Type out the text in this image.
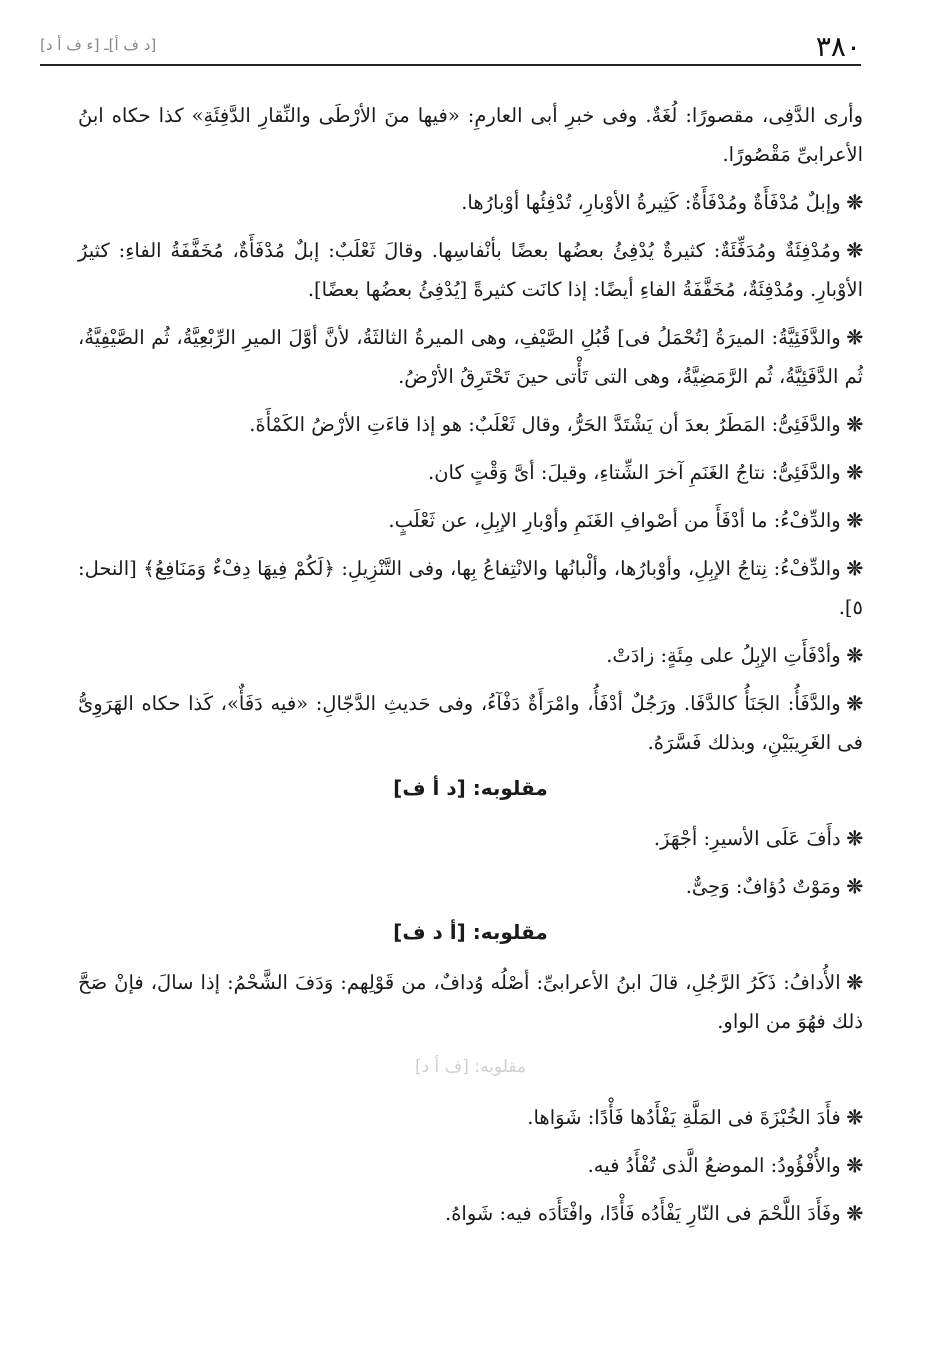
٣٨٠
[د ف أ]ـ [ء ف أ د]

وأرى الدَّفِى، مقصورًا: لُغَةٌ. وفى خبرِ أبى العارمِ: «فيها منَ الأرْطَى والنِّقارِ الدَّفِئَةِ» كذا حكاه ابنُ الأعرابىِّ مَقْصُورًا.

❊وإبلٌ مُدْفَأَةٌ ومُدْفَأَةٌ: كَثِيرةُ الأوْبارِ، تُدْفِئُها أوْبارُها.

❊ومُدْفِئَةٌ ومُدَفِّئَةٌ: كثيرةٌ يُدْفِئُ بعضُها بعضًا بأنْفاسِها. وقالَ ثَعْلَبٌ: إبلٌ مُدْفَأَةٌ، مُخَفَّفَةُ الفاءِ: كثيرُ الأوْبارِ. ومُدْفِئَةٌ، مُخَفَّفَةُ الفاءِ أيضًا: إذا كانَت كثيرةً [يُدْفِئُ بعضُها بعضًا].

❊والدَّفَئِيَّةُ: الميرَةُ [تُحْمَلُ فى] قُبُلِ الصَّيْفِ، وهى الميرةُ الثالثَةُ، لأنَّ أوَّلَ الميرِ الرِّبْعِيَّةُ، ثُم الصَّيْفِيَّةُ، ثُم الدَّفَئِيَّةُ، ثُم الرَّمَضِيَّةُ، وهى التى تَأْتى حينَ تَحْتَرِقُ الأرْضُ.

❊والدَّفَئِىُّ: المَطَرُ بعدَ أن يَشْتَدَّ الحَرُّ، وقال ثَعْلَبٌ: هو إذا قاءَتِ الأرْضُ الكَمْأَةَ.

❊والدَّفَئِىُّ: نتاجُ الغَنَمِ آخرَ الشِّتاءِ، وقيلَ: أىَّ وَقْتٍ كان.

❊والدِّفْءُ: ما أدْفَأَ من أصْوافِ الغَنَمِ وأوْبارِ الإبِلِ، عن ثَعْلَبٍ.

❊والدِّفْءُ: نِتاجُ الإبِلِ، وأوْبارُها، وألْبانُها والانْتِفاعُ بِها، وفى التَّنْزِيلِ: ﴿لَكُمْ فِيهَا دِفْءٌ وَمَنَافِعُ﴾ [النحل: ٥].

❊وأدْفَأَتِ الإبِلُ على مِئَةٍ: زادَتْ.

❊والدَّفَأُ: الجَنَأُ كالدَّفَا. ورَجُلٌ أدْفَأُ، وامْرَأَةٌ دَفْآءُ، وفى حَديثِ الدَّجّالِ: «فيه دَفَأٌ»، كَذا حكاه الهَرَوِىُّ فى الغَرِيبَيْنِ، وبذلك فَسَّرَهُ.

مقلوبه: [د أ ف]

❊دأَفَ عَلَى الأسيرِ: أجْهَزَ.

❊ومَوْتٌ دُؤافٌ: وَحِىٌّ.

مقلوبه: [أ د ف]

❊الأُدافُ: ذَكَرُ الرَّجُلِ، قالَ ابنُ الأعرابىِّ: أصْلُه وُدافٌ، من قَوْلِهم: وَدَفَ الشَّحْمُ: إذا سالَ، فإنْ صَحَّ ذلك فهُوَ من الواو.

مقلوبه: [ف أ د]

❊فأَدَ الخُبْزَةَ فى المَلَّةِ يَفْأَدُها فَأْدًا: شَوَاها.

❊والأُفْؤُودُ: الموضعُ الَّذى تُفْأَدُ فيه.

❊وفَأَدَ اللَّحْمَ فى النّارِ يَفْأَدُه فَأْدًا، وافْتَأَدَه فيه: شَواهُ.
